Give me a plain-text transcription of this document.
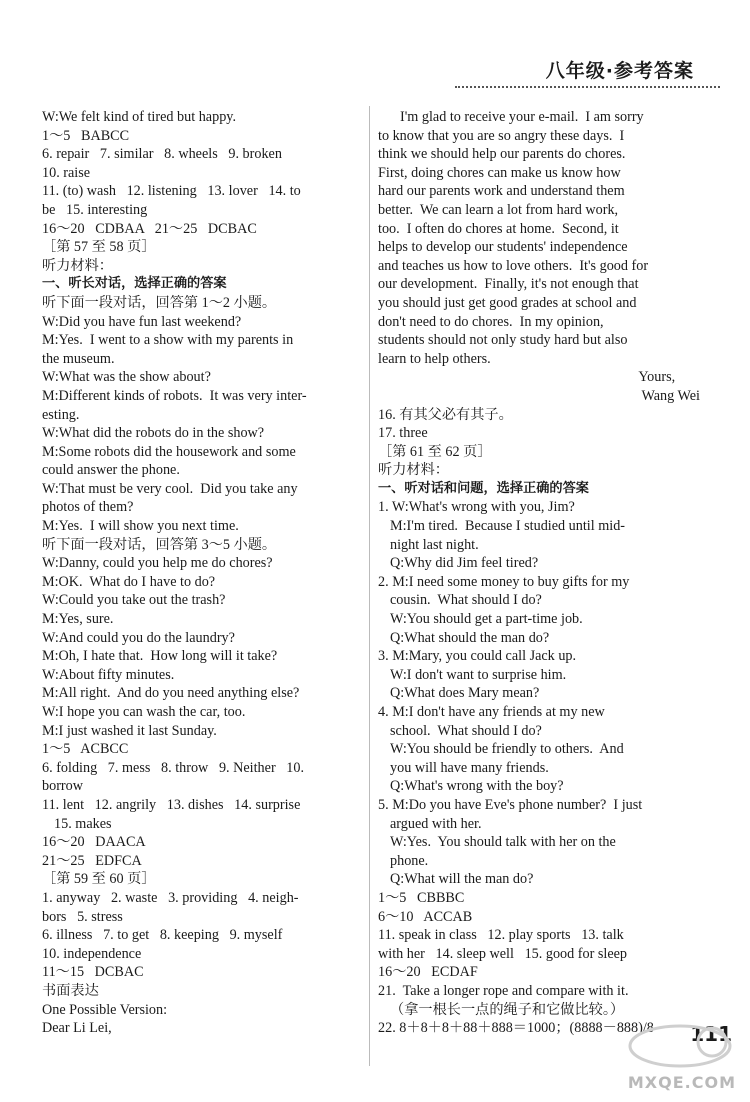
八年级·参考答案
W:We felt kind of tired but happy.
1～5   BABCC
6. repair   7. similar   8. wheels   9. broken
10. raise
11. (to) wash   12. listening   13. lover   14. to
be   15. interesting
16～20   CDBAA   21～25   DCBAC
［第 57 至 58 页］
听力材料：
一、听长对话，选择正确的答案
听下面一段对话，回答第 1～2 小题。
W:Did you have fun last weekend?
M:Yes.  I went to a show with my parents in
the museum.
W:What was the show about?
M:Different kinds of robots.  It was very inter-
esting.
W:What did the robots do in the show?
M:Some robots did the housework and some
could answer the phone.
W:That must be very cool.  Did you take any
photos of them?
M:Yes.  I will show you next time.
听下面一段对话，回答第 3～5 小题。
W:Danny, could you help me do chores?
M:OK.  What do I have to do?
W:Could you take out the trash?
M:Yes, sure.
W:And could you do the laundry?
M:Oh, I hate that.  How long will it take?
W:About fifty minutes.
M:All right.  And do you need anything else?
W:I hope you can wash the car, too.
M:I just washed it last Sunday.
1～5   ACBCC
6. folding   7. mess   8. throw   9. Neither   10.
borrow
11. lent   12. angrily   13. dishes   14. surprise
15. makes
16～20   DAACA
21～25   EDFCA
［第 59 至 60 页］
1. anyway   2. waste   3. providing   4. neigh-
bors   5. stress
6. illness   7. to get   8. keeping   9. myself
10. independence
11～15   DCBAC
书面表达
One Possible Version:
Dear Li Lei,
I'm glad to receive your e-mail.  I am sorry
to know that you are so angry these days.  I
think we should help our parents do chores.
First, doing chores can make us know how
hard our parents work and understand them
better.  We can learn a lot from hard work,
too.  I often do chores at home.  Second, it
helps to develop our students' independence
and teaches us how to love others.  It's good for
our development.  Finally, it's not enough that
you should just get good grades at school and
don't need to do chores.  In my opinion,
students should not only study hard but also
learn to help others.
Yours,
Wang Wei
16. 有其父必有其子。
17. three
［第 61 至 62 页］
听力材料：
一、听对话和问题，选择正确的答案
1. W:What's wrong with you, Jim?
M:I'm tired.  Because I studied until mid-
night last night.
Q:Why did Jim feel tired?
2. M:I need some money to buy gifts for my
cousin.  What should I do?
W:You should get a part-time job.
Q:What should the man do?
3. M:Mary, you could call Jack up.
W:I don't want to surprise him.
Q:What does Mary mean?
4. M:I don't have any friends at my new
school.  What should I do?
W:You should be friendly to others.  And
you will have many friends.
Q:What's wrong with the boy?
5. M:Do you have Eve's phone number?  I just
argued with her.
W:Yes.  You should talk with her on the
phone.
Q:What will the man do?
1～5   CBBBC
6～10   ACCAB
11. speak in class   12. play sports   13. talk
with her   14. sleep well   15. good for sleep
16～20   ECDAF
21.  Take a longer rope and compare with it.
（拿一根长一点的绳子和它做比较。）
22. 8＋8＋8＋88＋888＝1000；(8888－888)/8	111
MXQE.COM
